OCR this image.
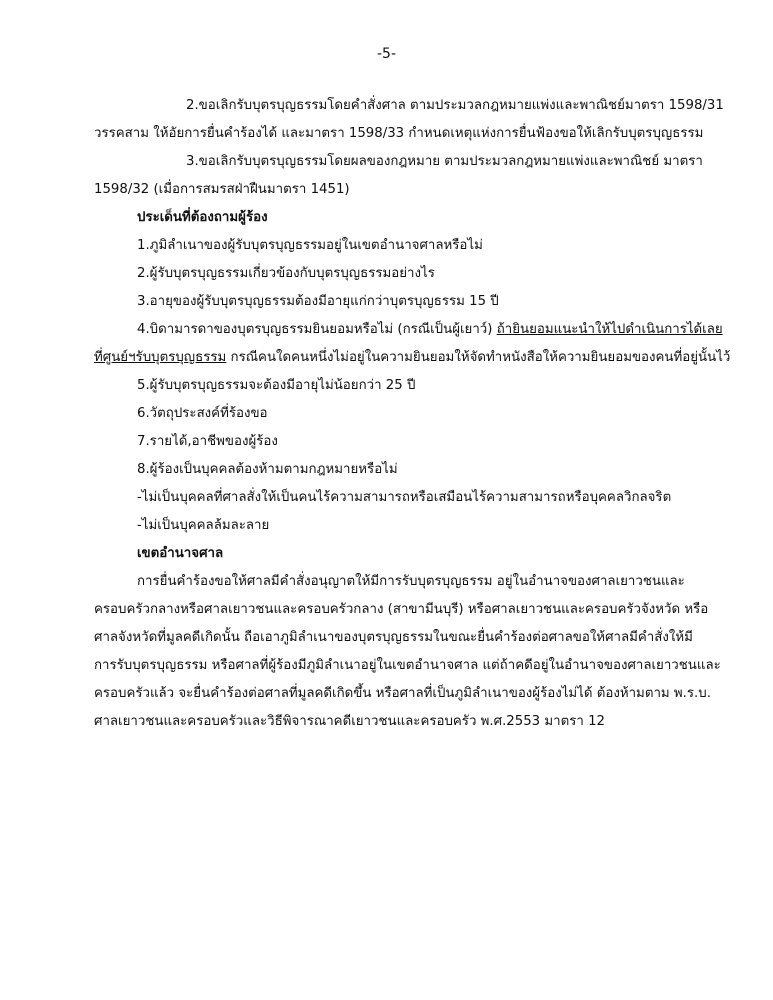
-5-
2.ขอเลิกรับบุตรบุญธรรมโดยคำสั่งศาล ตามประมวลกฎหมายแพ่งและพาณิชย์มาตรา 1598/31
วรรคสาม ให้อัยการยื่นคำร้องได้ และมาตรา 1598/33 กำหนดเหตุแห่งการยื่นฟ้องขอให้เลิกรับบุตรบุญธรรม
3.ขอเลิกรับบุตรบุญธรรมโดยผลของกฎหมาย ตามประมวลกฎหมายแพ่งและพาณิชย์ มาตรา
1598/32 (เมื่อการสมรสฝ่าฝืนมาตรา 1451)
ประเด็นที่ต้องถามผู้ร้อง
1.ภูมิลำเนาของผู้รับบุตรบุญธรรมอยู่ในเขตอำนาจศาลหรือไม่
2.ผู้รับบุตรบุญธรรมเกี่ยวข้องกับบุตรบุญธรรมอย่างไร
3.อายุของผู้รับบุตรบุญธรรมต้องมีอายุแก่กว่าบุตรบุญธรรม 15 ปี
4.บิดามารดาของบุตรบุญธรรมยินยอมหรือไม่ (กรณีเป็นผู้เยาว์) ถ้ายินยอมแนะนำให้ไปดำเนินการได้เลย
ที่ศูนย์ฯรับบุตรบุญธรรม กรณีคนใดคนหนึ่งไม่อยู่ในความยินยอมให้จัดทำหนังสือให้ความยินยอมของคนที่อยู่นั้นไว้
5.ผู้รับบุตรบุญธรรมจะต้องมีอายุไม่น้อยกว่า 25 ปี
6.วัตถุประสงค์ที่ร้องขอ
7.รายได้,อาชีพของผู้ร้อง
8.ผู้ร้องเป็นบุคคลต้องห้ามตามกฎหมายหรือไม่
-ไม่เป็นบุคคลที่ศาลสั่งให้เป็นคนไร้ความสามารถหรือเสมือนไร้ความสามารถหรือบุคคลวิกลจริต
-ไม่เป็นบุคคลล้มละลาย
เขตอำนาจศาล
การยื่นคำร้องขอให้ศาลมีคำสั่งอนุญาตให้มีการรับบุตรบุญธรรม อยู่ในอำนาจของศาลเยาวชนและ
ครอบครัวกลางหรือศาลเยาวชนและครอบครัวกลาง (สาขามีนบุรี) หรือศาลเยาวชนและครอบครัวจังหวัด หรือ
ศาลจังหวัดที่มูลคดีเกิดนั้น ถือเอาภูมิลำเนาของบุตรบุญธรรมในขณะยื่นคำร้องต่อศาลขอให้ศาลมีคำสั่งให้มี
การรับบุตรบุญธรรม หรือศาลที่ผู้ร้องมีภูมิลำเนาอยู่ในเขตอำนาจศาล แต่ถ้าคดีอยู่ในอำนาจของศาลเยาวชนและ
ครอบครัวแล้ว จะยื่นคำร้องต่อศาลที่มูลคดีเกิดขึ้น หรือศาลที่เป็นภูมิลำเนาของผู้ร้องไม่ได้ ต้องห้ามตาม พ.ร.บ.
ศาลเยาวชนและครอบครัวและวิธีพิจารณาคดีเยาวชนและครอบครัว พ.ศ.2553 มาตรา 12
